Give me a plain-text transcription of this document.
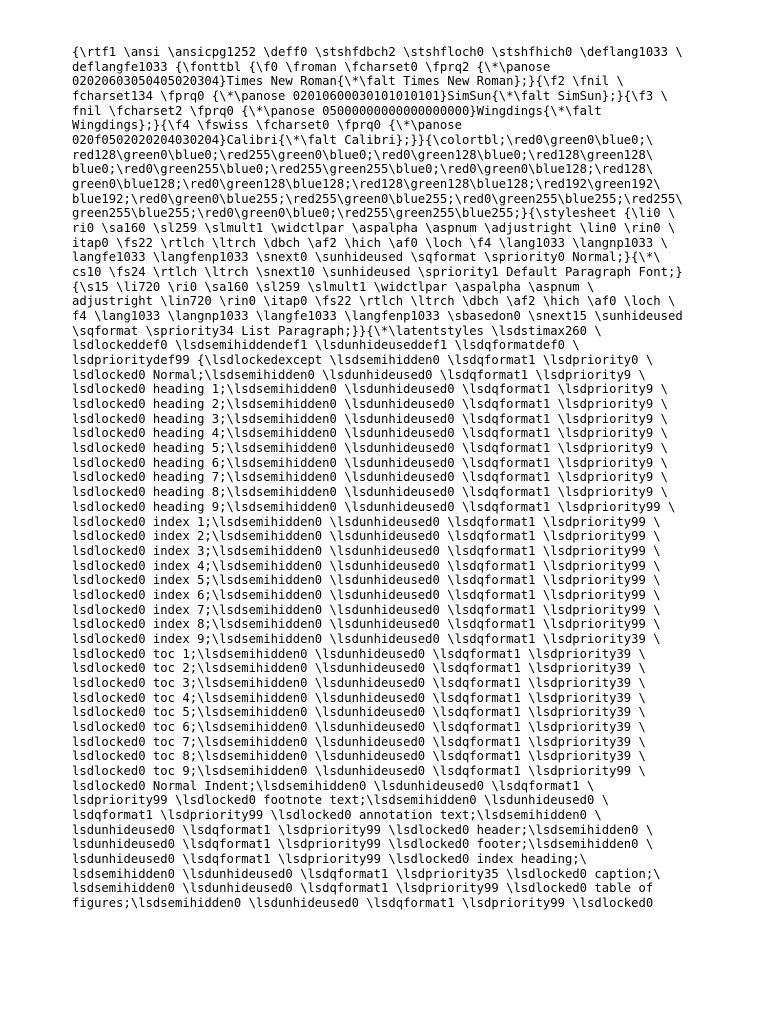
{\rtf1 \ansi \ansicpg1252 \deff0 \stshfdbch2 \stshfloch0 \stshfhich0 \deflang1033 \
deflangfe1033 {\fonttbl {\f0 \froman \fcharset0 \fprq2 {\*\panose
02020603050405020304}Times New Roman{\*\falt Times New Roman};}{\f2 \fnil \
fcharset134 \fprq0 {\*\panose 02010600030101010101}SimSun{\*\falt SimSun};}{\f3 \
fnil \fcharset2 \fprq0 {\*\panose 05000000000000000000}Wingdings{\*\falt
Wingdings};}{\f4 \fswiss \fcharset0 \fprq0 {\*\panose
020f0502020204030204}Calibri{\*\falt Calibri};}}{\colortbl;\red0\green0\blue0;\
red128\green0\blue0;\red255\green0\blue0;\red0\green128\blue0;\red128\green128\
blue0;\red0\green255\blue0;\red255\green255\blue0;\red0\green0\blue128;\red128\
green0\blue128;\red0\green128\blue128;\red128\green128\blue128;\red192\green192\
blue192;\red0\green0\blue255;\red255\green0\blue255;\red0\green255\blue255;\red255\
green255\blue255;\red0\green0\blue0;\red255\green255\blue255;}{\stylesheet {\li0 \
ri0 \sa160 \sl259 \slmult1 \widctlpar \aspalpha \aspnum \adjustright \lin0 \rin0 \
itap0 \fs22 \rtlch \ltrch \dbch \af2 \hich \af0 \loch \f4 \lang1033 \langnp1033 \
langfe1033 \langfenp1033 \snext0 \sunhideused \sqformat \spriority0 Normal;}{\*\
cs10 \fs24 \rtlch \ltrch \snext10 \sunhideused \spriority1 Default Paragraph Font;}
{\s15 \li720 \ri0 \sa160 \sl259 \slmult1 \widctlpar \aspalpha \aspnum \
adjustright \lin720 \rin0 \itap0 \fs22 \rtlch \ltrch \dbch \af2 \hich \af0 \loch \
f4 \lang1033 \langnp1033 \langfe1033 \langfenp1033 \sbasedon0 \snext15 \sunhideused
\sqformat \spriority34 List Paragraph;}}{\*\latentstyles \lsdstimax260 \
lsdlockeddef0 \lsdsemihiddendef1 \lsdunhideuseddef1 \lsdqformatdef0 \
lsdprioritydef99 {\lsdlockedexcept \lsdsemihidden0 \lsdqformat1 \lsdpriority0 \
lsdlocked0 Normal;\lsdsemihidden0 \lsdunhideused0 \lsdqformat1 \lsdpriority9 \
lsdlocked0 heading 1;\lsdsemihidden0 \lsdunhideused0 \lsdqformat1 \lsdpriority9 \
lsdlocked0 heading 2;\lsdsemihidden0 \lsdunhideused0 \lsdqformat1 \lsdpriority9 \
lsdlocked0 heading 3;\lsdsemihidden0 \lsdunhideused0 \lsdqformat1 \lsdpriority9 \
lsdlocked0 heading 4;\lsdsemihidden0 \lsdunhideused0 \lsdqformat1 \lsdpriority9 \
lsdlocked0 heading 5;\lsdsemihidden0 \lsdunhideused0 \lsdqformat1 \lsdpriority9 \
lsdlocked0 heading 6;\lsdsemihidden0 \lsdunhideused0 \lsdqformat1 \lsdpriority9 \
lsdlocked0 heading 7;\lsdsemihidden0 \lsdunhideused0 \lsdqformat1 \lsdpriority9 \
lsdlocked0 heading 8;\lsdsemihidden0 \lsdunhideused0 \lsdqformat1 \lsdpriority9 \
lsdlocked0 heading 9;\lsdsemihidden0 \lsdunhideused0 \lsdqformat1 \lsdpriority99 \
lsdlocked0 index 1;\lsdsemihidden0 \lsdunhideused0 \lsdqformat1 \lsdpriority99 \
lsdlocked0 index 2;\lsdsemihidden0 \lsdunhideused0 \lsdqformat1 \lsdpriority99 \
lsdlocked0 index 3;\lsdsemihidden0 \lsdunhideused0 \lsdqformat1 \lsdpriority99 \
lsdlocked0 index 4;\lsdsemihidden0 \lsdunhideused0 \lsdqformat1 \lsdpriority99 \
lsdlocked0 index 5;\lsdsemihidden0 \lsdunhideused0 \lsdqformat1 \lsdpriority99 \
lsdlocked0 index 6;\lsdsemihidden0 \lsdunhideused0 \lsdqformat1 \lsdpriority99 \
lsdlocked0 index 7;\lsdsemihidden0 \lsdunhideused0 \lsdqformat1 \lsdpriority99 \
lsdlocked0 index 8;\lsdsemihidden0 \lsdunhideused0 \lsdqformat1 \lsdpriority99 \
lsdlocked0 index 9;\lsdsemihidden0 \lsdunhideused0 \lsdqformat1 \lsdpriority39 \
lsdlocked0 toc 1;\lsdsemihidden0 \lsdunhideused0 \lsdqformat1 \lsdpriority39 \
lsdlocked0 toc 2;\lsdsemihidden0 \lsdunhideused0 \lsdqformat1 \lsdpriority39 \
lsdlocked0 toc 3;\lsdsemihidden0 \lsdunhideused0 \lsdqformat1 \lsdpriority39 \
lsdlocked0 toc 4;\lsdsemihidden0 \lsdunhideused0 \lsdqformat1 \lsdpriority39 \
lsdlocked0 toc 5;\lsdsemihidden0 \lsdunhideused0 \lsdqformat1 \lsdpriority39 \
lsdlocked0 toc 6;\lsdsemihidden0 \lsdunhideused0 \lsdqformat1 \lsdpriority39 \
lsdlocked0 toc 7;\lsdsemihidden0 \lsdunhideused0 \lsdqformat1 \lsdpriority39 \
lsdlocked0 toc 8;\lsdsemihidden0 \lsdunhideused0 \lsdqformat1 \lsdpriority39 \
lsdlocked0 toc 9;\lsdsemihidden0 \lsdunhideused0 \lsdqformat1 \lsdpriority99 \
lsdlocked0 Normal Indent;\lsdsemihidden0 \lsdunhideused0 \lsdqformat1 \
lsdpriority99 \lsdlocked0 footnote text;\lsdsemihidden0 \lsdunhideused0 \
lsdqformat1 \lsdpriority99 \lsdlocked0 annotation text;\lsdsemihidden0 \
lsdunhideused0 \lsdqformat1 \lsdpriority99 \lsdlocked0 header;\lsdsemihidden0 \
lsdunhideused0 \lsdqformat1 \lsdpriority99 \lsdlocked0 footer;\lsdsemihidden0 \
lsdunhideused0 \lsdqformat1 \lsdpriority99 \lsdlocked0 index heading;\
lsdsemihidden0 \lsdunhideused0 \lsdqformat1 \lsdpriority35 \lsdlocked0 caption;\
lsdsemihidden0 \lsdunhideused0 \lsdqformat1 \lsdpriority99 \lsdlocked0 table of
figures;\lsdsemihidden0 \lsdunhideused0 \lsdqformat1 \lsdpriority99 \lsdlocked0
